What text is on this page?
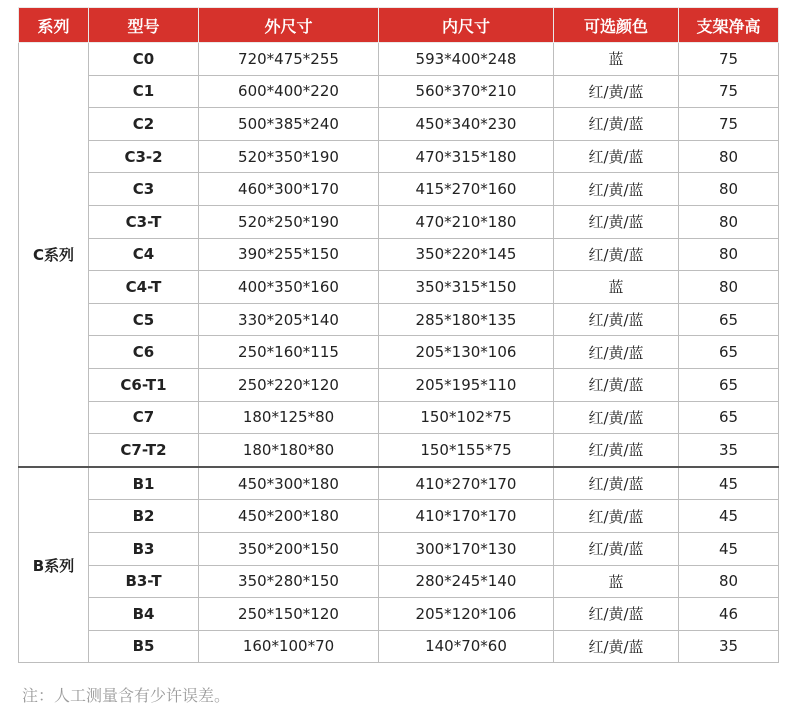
系列	型号	外尺寸	内尺寸	可选颜色	支架净高
C系列	C0	720*475*255	593*400*248	蓝	75
	C1	600*400*220	560*370*210	红/黄/蓝	75
	C2	500*385*240	450*340*230	红/黄/蓝	75
	C3-2	520*350*190	470*315*180	红/黄/蓝	80
	C3	460*300*170	415*270*160	红/黄/蓝	80
	C3-T	520*250*190	470*210*180	红/黄/蓝	80
	C4	390*255*150	350*220*145	红/黄/蓝	80
	C4-T	400*350*160	350*315*150	蓝	80
	C5	330*205*140	285*180*135	红/黄/蓝	65
	C6	250*160*115	205*130*106	红/黄/蓝	65
	C6-T1	250*220*120	205*195*110	红/黄/蓝	65
	C7	180*125*80	150*102*75	红/黄/蓝	65
	C7-T2	180*180*80	150*155*75	红/黄/蓝	35
B系列	B1	450*300*180	410*270*170	红/黄/蓝	45
	B2	450*200*180	410*170*170	红/黄/蓝	45
	B3	350*200*150	300*170*130	红/黄/蓝	45
	B3-T	350*280*150	280*245*140	蓝	80
	B4	250*150*120	205*120*106	红/黄/蓝	46
	B5	160*100*70	140*70*60	红/黄/蓝	35
注：人工测量含有少许误差。
